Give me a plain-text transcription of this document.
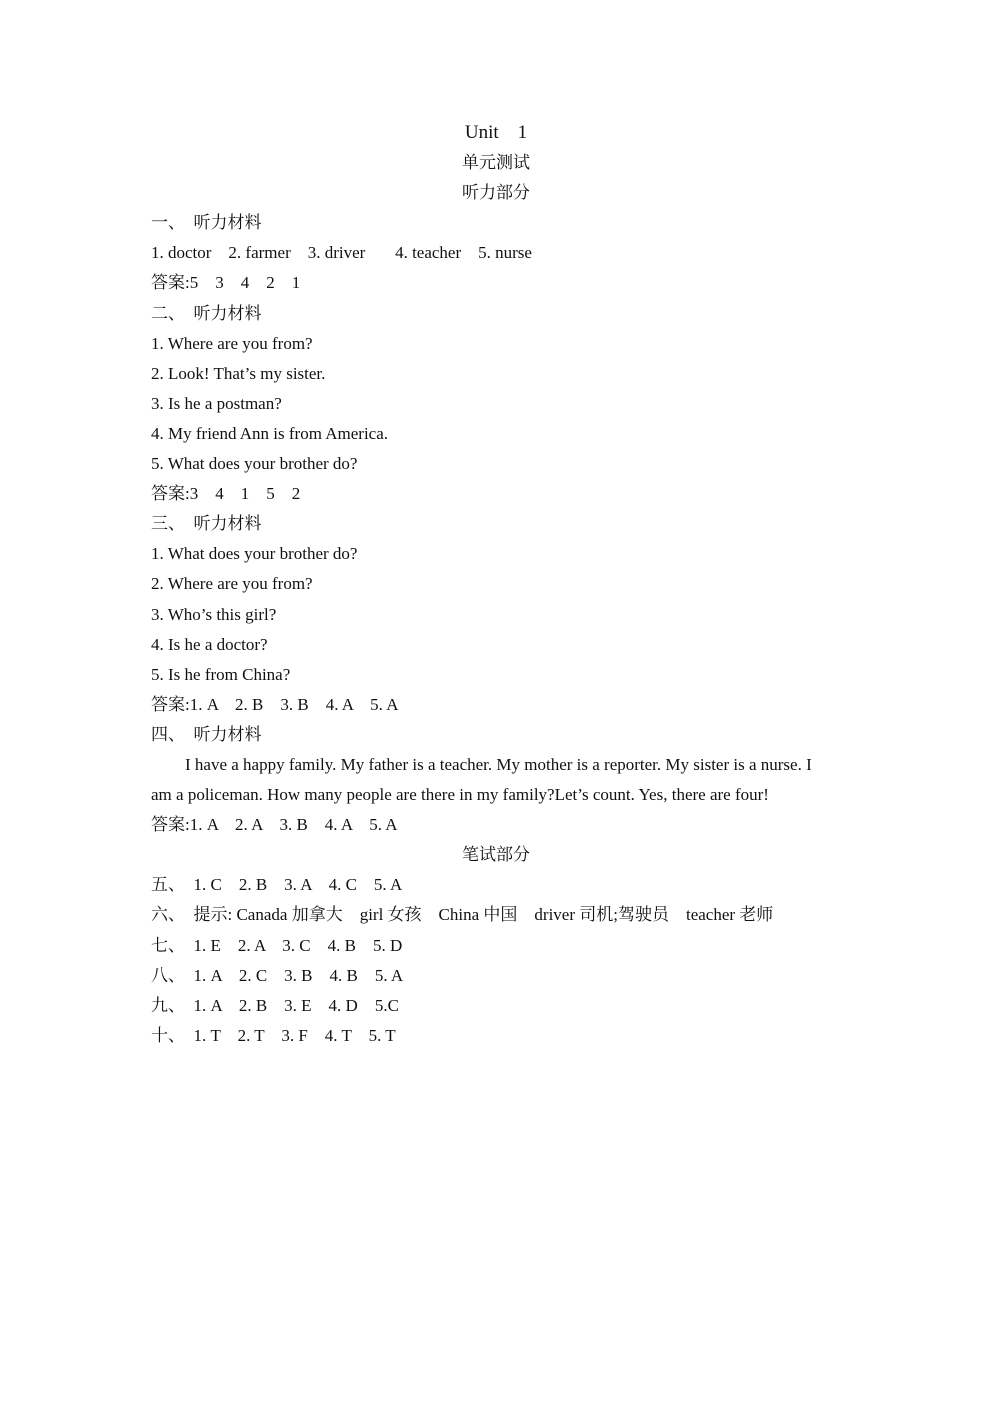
Unit    1
单元测试
听力部分
一、  听力材料
1. doctor    2. farmer    3. driver       4. teacher    5. nurse
答案:5    3    4    2    1
二、  听力材料
1. Where are you from?
2. Look! That’s my sister.
3. Is he a postman?
4. My friend Ann is from America.
5. What does your brother do?
答案:3    4    1    5    2
三、  听力材料
1. What does your brother do?
2. Where are you from?
3. Who’s this girl?
4. Is he a doctor?
5. Is he from China?
答案:1. A    2. B    3. B    4. A    5. A
四、  听力材料
I have a happy family. My father is a teacher. My mother is a reporter. My sister is a nurse. I
am a policeman. How many people are there in my family?Let’s count. Yes, there are four!
答案:1. A    2. A    3. B    4. A    5. A
笔试部分
五、  1. C    2. B    3. A    4. C    5. A
六、  提示: Canada 加拿大    girl 女孩    China 中国    driver 司机;驾驶员    teacher 老师
七、  1. E    2. A    3. C    4. B    5. D
八、  1. A    2. C    3. B    4. B    5. A
九、  1. A    2. B    3. E    4. D    5.C
十、  1. T    2. T    3. F    4. T    5. T
